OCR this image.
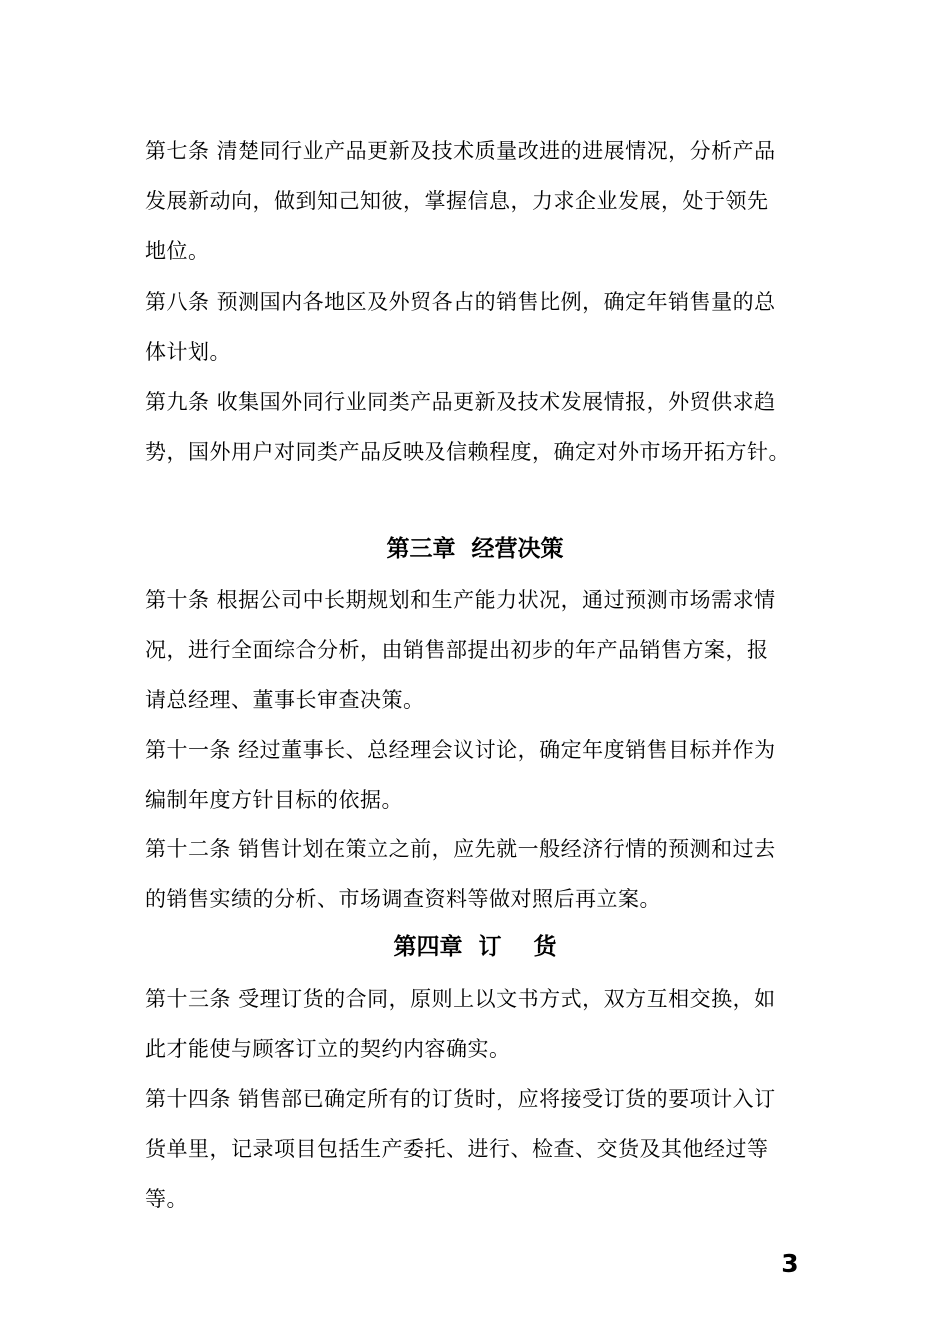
第七条 清楚同行业产品更新及技术质量改进的进展情况，分析产品
发展新动向，做到知己知彼，掌握信息，力求企业发展，处于领先
地位。
第八条 预测国内各地区及外贸各占的销售比例，确定年销售量的总
体计划。
第九条 收集国外同行业同类产品更新及技术发展情报，外贸供求趋
势，国外用户对同类产品反映及信赖程度，确定对外市场开拓方针。
第三章  经营决策
第十条 根据公司中长期规划和生产能力状况，通过预测市场需求情
况，进行全面综合分析，由销售部提出初步的年产品销售方案，报
请总经理、董事长审查决策。
第十一条 经过董事长、总经理会议讨论，确定年度销售目标并作为
编制年度方针目标的依据。
第十二条 销售计划在策立之前，应先就一般经济行情的预测和过去
的销售实绩的分析、市场调查资料等做对照后再立案。
第四章  订    货
第十三条 受理订货的合同，原则上以文书方式，双方互相交换，如
此才能使与顾客订立的契约内容确实。
第十四条 销售部已确定所有的订货时，应将接受订货的要项计入订
货单里，记录项目包括生产委托、进行、检查、交货及其他经过等
等。
3
